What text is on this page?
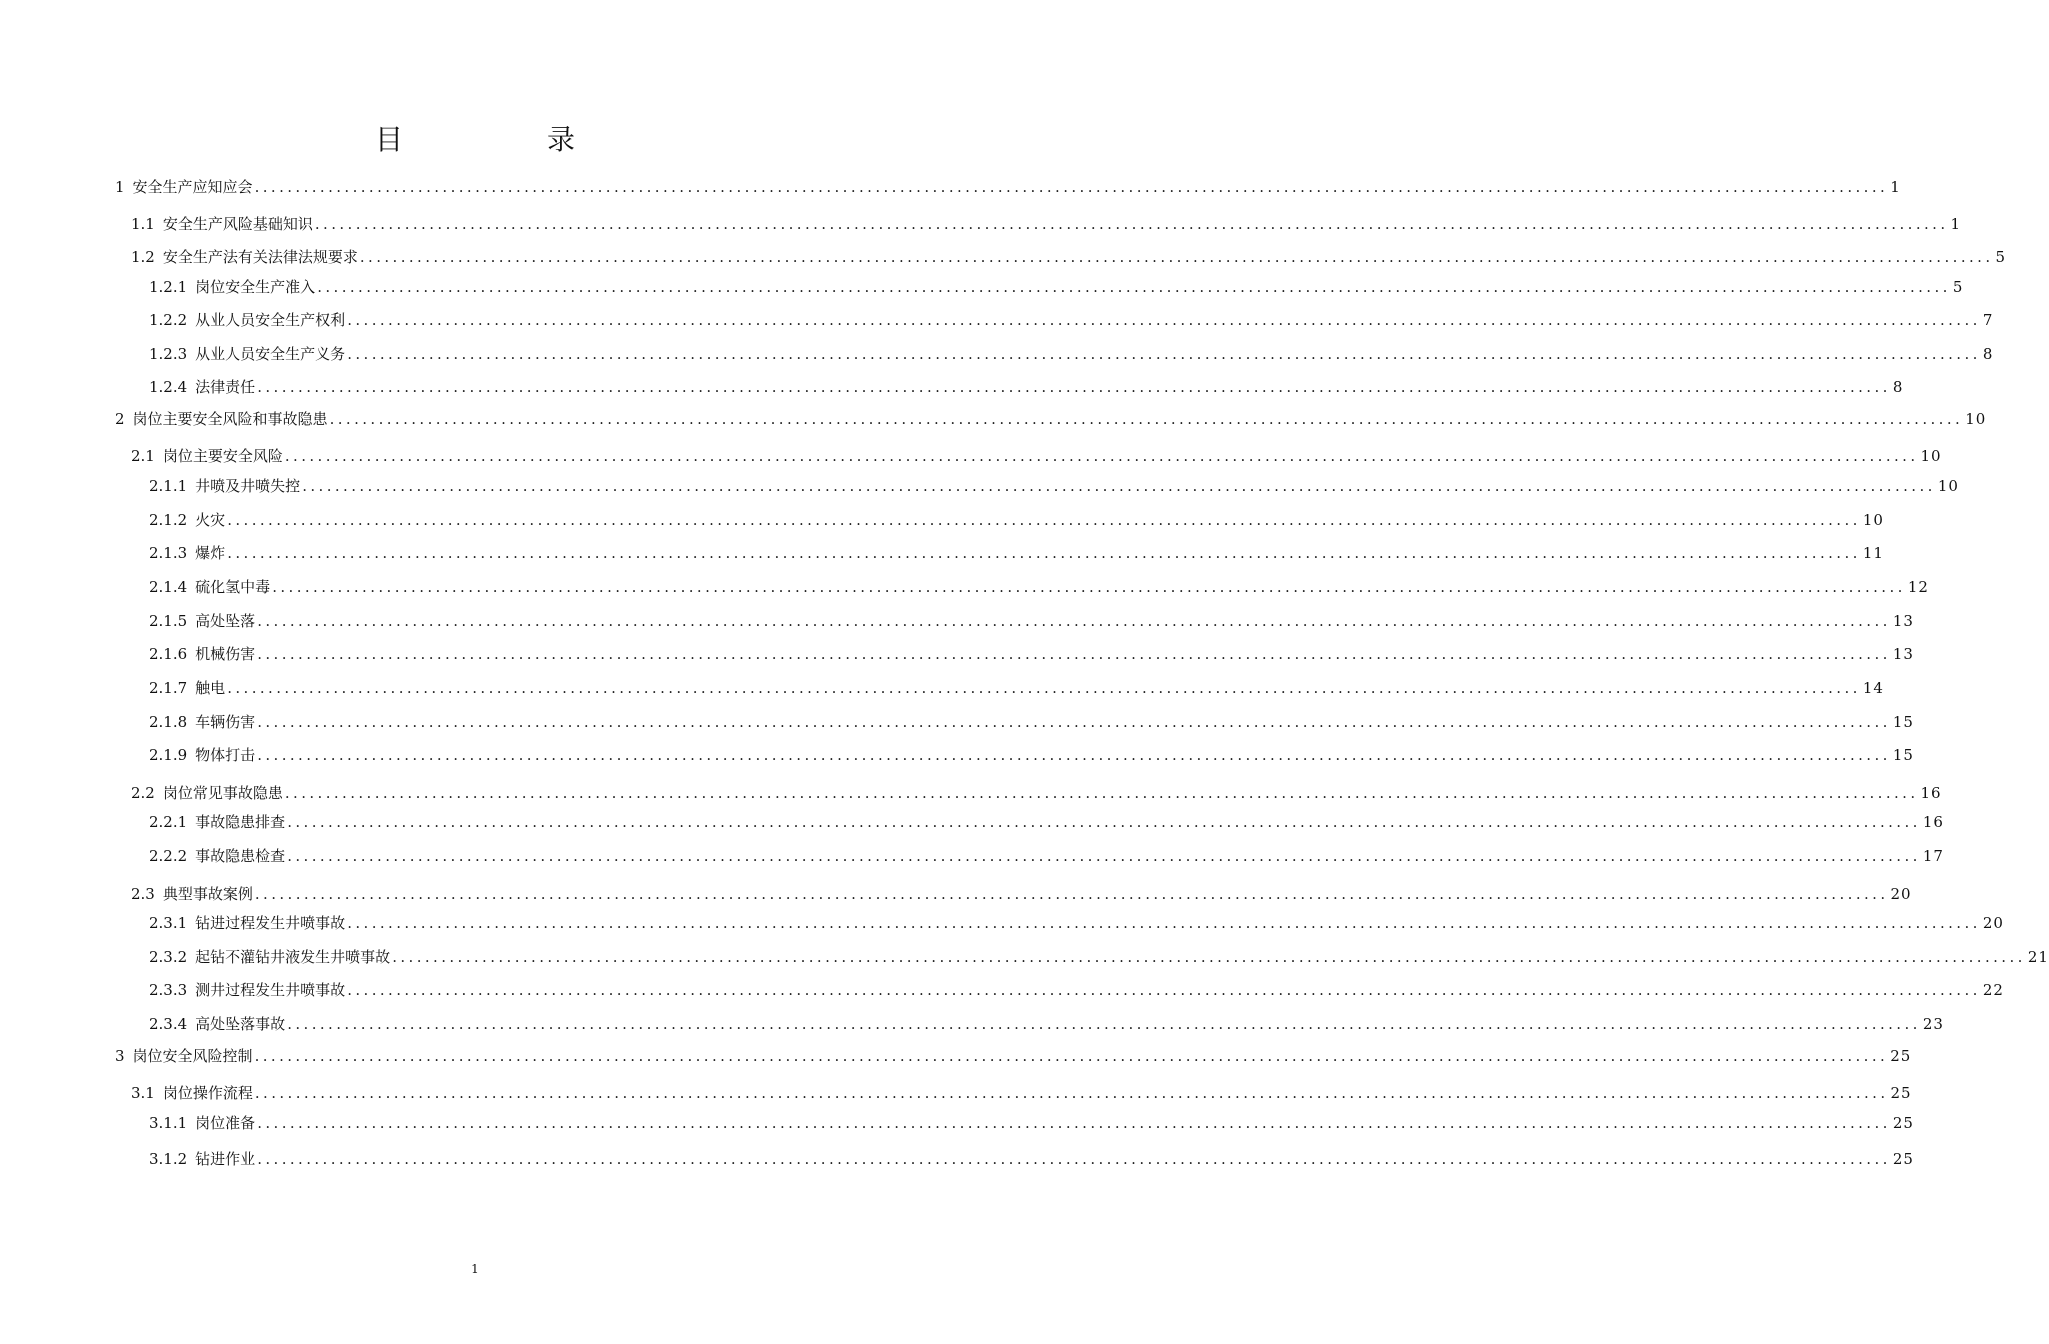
目　录
1 安全生产应知应会 ........................................................................................................................................................................................................ 1
1.1 安全生产风险基础知识 ........................................................................................................................................................................................................ 1
1.2 安全生产法有关法律法规要求 ........................................................................................................................................................................................................ 5
1.2.1 岗位安全生产准入 ........................................................................................................................................................................................................ 5
1.2.2 从业人员安全生产权利 ........................................................................................................................................................................................................ 7
1.2.3 从业人员安全生产义务 ........................................................................................................................................................................................................ 8
1.2.4 法律责任 ........................................................................................................................................................................................................ 8
2 岗位主要安全风险和事故隐患 ........................................................................................................................................................................................................ 10
2.1 岗位主要安全风险 ........................................................................................................................................................................................................ 10
2.1.1 井喷及井喷失控 ........................................................................................................................................................................................................ 10
2.1.2 火灾 ........................................................................................................................................................................................................ 10
2.1.3 爆炸 ........................................................................................................................................................................................................ 11
2.1.4 硫化氢中毒 ........................................................................................................................................................................................................ 12
2.1.5 高处坠落 ........................................................................................................................................................................................................ 13
2.1.6 机械伤害 ........................................................................................................................................................................................................ 13
2.1.7 触电 ........................................................................................................................................................................................................ 14
2.1.8 车辆伤害 ........................................................................................................................................................................................................ 15
2.1.9 物体打击 ........................................................................................................................................................................................................ 15
2.2 岗位常见事故隐患 ........................................................................................................................................................................................................ 16
2.2.1 事故隐患排查 ........................................................................................................................................................................................................ 16
2.2.2 事故隐患检查 ........................................................................................................................................................................................................ 17
2.3 典型事故案例 ........................................................................................................................................................................................................ 20
2.3.1 钻进过程发生井喷事故 ........................................................................................................................................................................................................ 20
2.3.2 起钻不灌钻井液发生井喷事故 ........................................................................................................................................................................................................ 21
2.3.3 测井过程发生井喷事故 ........................................................................................................................................................................................................ 22
2.3.4 高处坠落事故 ........................................................................................................................................................................................................ 23
3 岗位安全风险控制 ........................................................................................................................................................................................................ 25
3.1 岗位操作流程 ........................................................................................................................................................................................................ 25
3.1.1 岗位准备 ........................................................................................................................................................................................................ 25
3.1.2 钻进作业 ........................................................................................................................................................................................................ 25
1
